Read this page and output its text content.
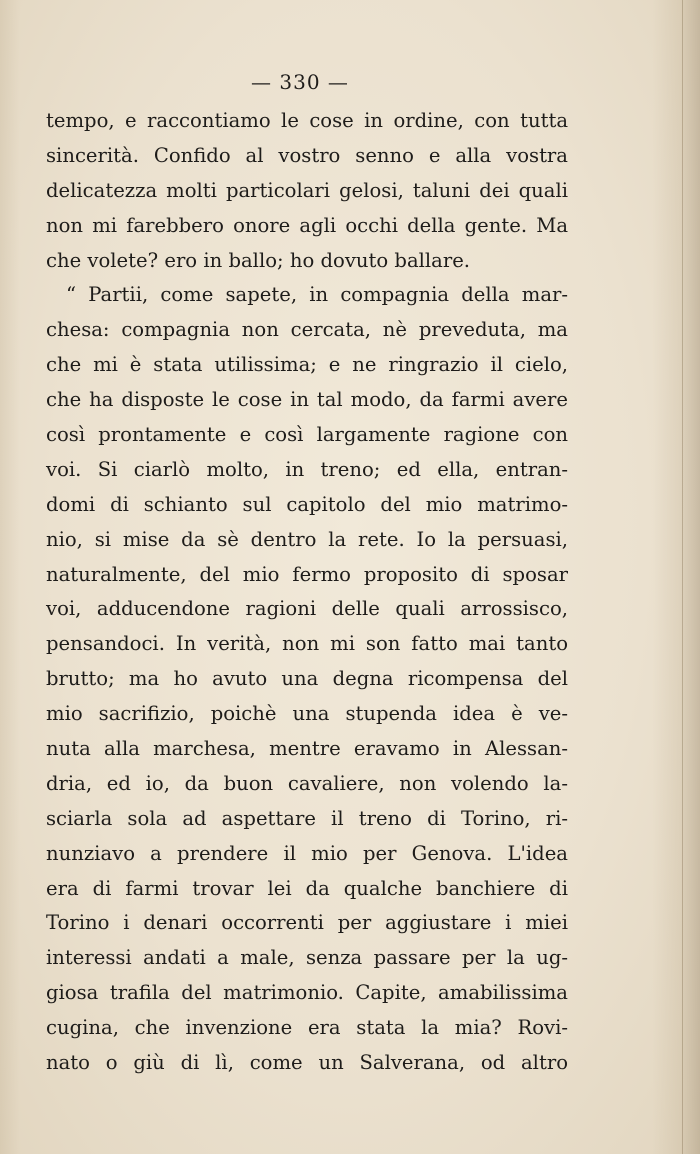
— 330 —
tempo, e raccontiamo le cose in ordine, con tutta
sincerità. Confido al vostro senno e alla vostra
delicatezza molti particolari gelosi, taluni dei quali
non mi farebbero onore agli occhi della gente. Ma
che volete? ero in ballo; ho dovuto ballare.
“ Partii, come sapete, in compagnia della mar-
chesa: compagnia non cercata, nè preveduta, ma
che mi è stata utilissima; e ne ringrazio il cielo,
che ha disposte le cose in tal modo, da farmi avere
così prontamente e così largamente ragione con
voi. Si ciarlò molto, in treno; ed ella, entran-
domi di schianto sul capitolo del mio matrimo-
nio, si mise da sè dentro la rete. Io la persuasi,
naturalmente, del mio fermo proposito di sposar
voi, adducendone ragioni delle quali arrossisco,
pensandoci. In verità, non mi son fatto mai tanto
brutto; ma ho avuto una degna ricompensa del
mio sacrifizio, poichè una stupenda idea è ve-
nuta alla marchesa, mentre eravamo in Alessan-
dria, ed io, da buon cavaliere, non volendo la-
sciarla sola ad aspettare il treno di Torino, ri-
nunziavo a prendere il mio per Genova. L'idea
era di farmi trovar lei da qualche banchiere di
Torino i denari occorrenti per aggiustare i miei
interessi andati a male, senza passare per la ug-
giosa trafila del matrimonio. Capite, amabilissima
cugina, che invenzione era stata la mia? Rovi-
nato o giù di lì, come un Salverana, od altro
